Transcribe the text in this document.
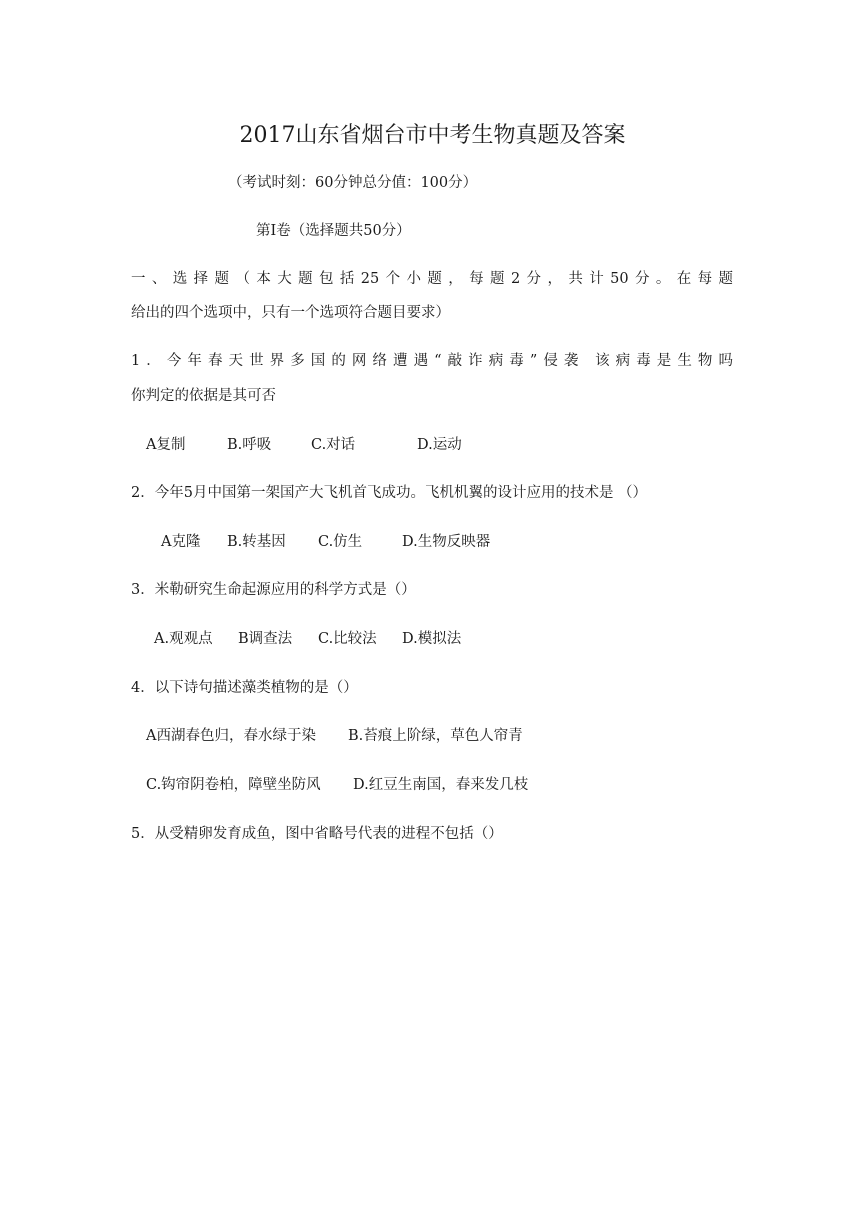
2017山东省烟台市中考生物真题及答案
（考试时刻：60分钟总分值：100分）
第Ⅰ卷（选择题共50分）
一、选择题（本大题包括25个小题，每题2分，共计50分。在每题
给出的四个选项中，只有一个选项符合题目要求）
1．今年春天世界多国的网络遭遇“敲诈病毒”侵袭 该病毒是生物吗
你判定的依据是其可否
A复制	B.呼吸	C.对话	D.运动
2．今年5月中国第一架国产大飞机首飞成功。飞机机翼的设计应用的技术是 （）
A克隆 B.转基因 C.仿生	D.生物反映器
3．米勒研究生命起源应用的科学方式是（）
A.观观点 B调查法 C.比较法 D.模拟法
4．以下诗句描述藻类植物的是（）
A西湖春色归，春水绿于染 B.苔痕上阶绿，草色人帘青
C.钩帘阴卷柏，障壁坐防风 D.红豆生南国，春来发几枝
5．从受精卵发育成鱼，图中省略号代表的进程不包括（）
